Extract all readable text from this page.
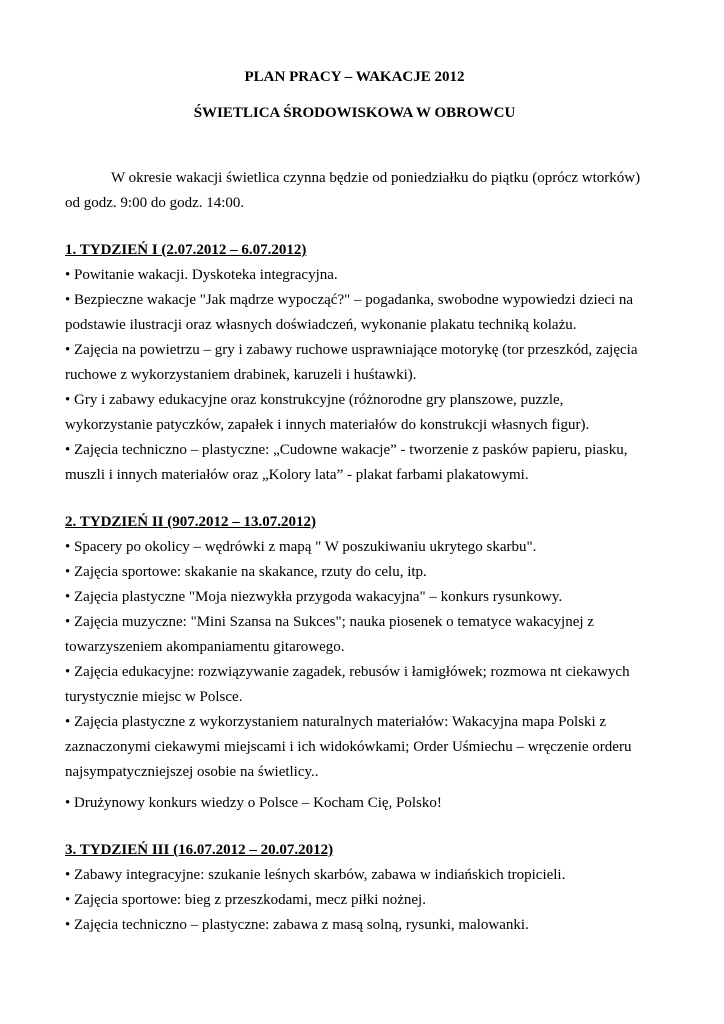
PLAN PRACY – WAKACJE 2012

ŚWIETLICA ŚRODOWISKOWA W OBROWCU

W okresie wakacji świetlica czynna będzie od poniedziałku do piątku (oprócz wtorków) od godz. 9:00 do godz. 14:00.

1. TYDZIEŃ I (2.07.2012 – 6.07.2012)

• Powitanie wakacji. Dyskoteka integracyjna.

• Bezpieczne wakacje "Jak mądrze wypocząć?" – pogadanka, swobodne wypowiedzi dzieci na podstawie ilustracji oraz własnych doświadczeń, wykonanie plakatu techniką kolażu.

• Zajęcia na powietrzu – gry i zabawy ruchowe usprawniające motorykę (tor przeszkód, zajęcia ruchowe z wykorzystaniem drabinek, karuzeli i huśtawki).

• Gry i zabawy edukacyjne oraz konstrukcyjne (różnorodne gry planszowe, puzzle, wykorzystanie patyczków, zapałek i innych materiałów do konstrukcji własnych figur).

• Zajęcia techniczno – plastyczne: „Cudowne wakacje” - tworzenie z pasków papieru, piasku, muszli i innych materiałów oraz „Kolory lata” - plakat farbami plakatowymi.

2. TYDZIEŃ II (907.2012 – 13.07.2012)

• Spacery po okolicy – wędrówki z mapą " W poszukiwaniu ukrytego skarbu".

• Zajęcia sportowe: skakanie na skakance, rzuty do celu, itp.

• Zajęcia plastyczne "Moja niezwykła przygoda wakacyjna" – konkurs rysunkowy.

• Zajęcia muzyczne: "Mini Szansa na Sukces"; nauka piosenek o tematyce wakacyjnej z towarzyszeniem akompaniamentu gitarowego.

• Zajęcia edukacyjne: rozwiązywanie zagadek, rebusów i łamigłówek; rozmowa nt ciekawych turystycznie miejsc w Polsce.

• Zajęcia plastyczne z wykorzystaniem naturalnych materiałów: Wakacyjna mapa Polski z zaznaczonymi ciekawymi miejscami i ich widokówkami; Order Uśmiechu – wręczenie orderu najsympatyczniejszej osobie na świetlicy..

• Drużynowy konkurs wiedzy o Polsce – Kocham Cię, Polsko!

3. TYDZIEŃ III (16.07.2012 – 20.07.2012)

• Zabawy integracyjne: szukanie leśnych skarbów, zabawa w indiańskich tropicieli.

• Zajęcia sportowe: bieg z przeszkodami, mecz piłki nożnej.

• Zajęcia techniczno – plastyczne: zabawa z masą solną, rysunki, malowanki.
